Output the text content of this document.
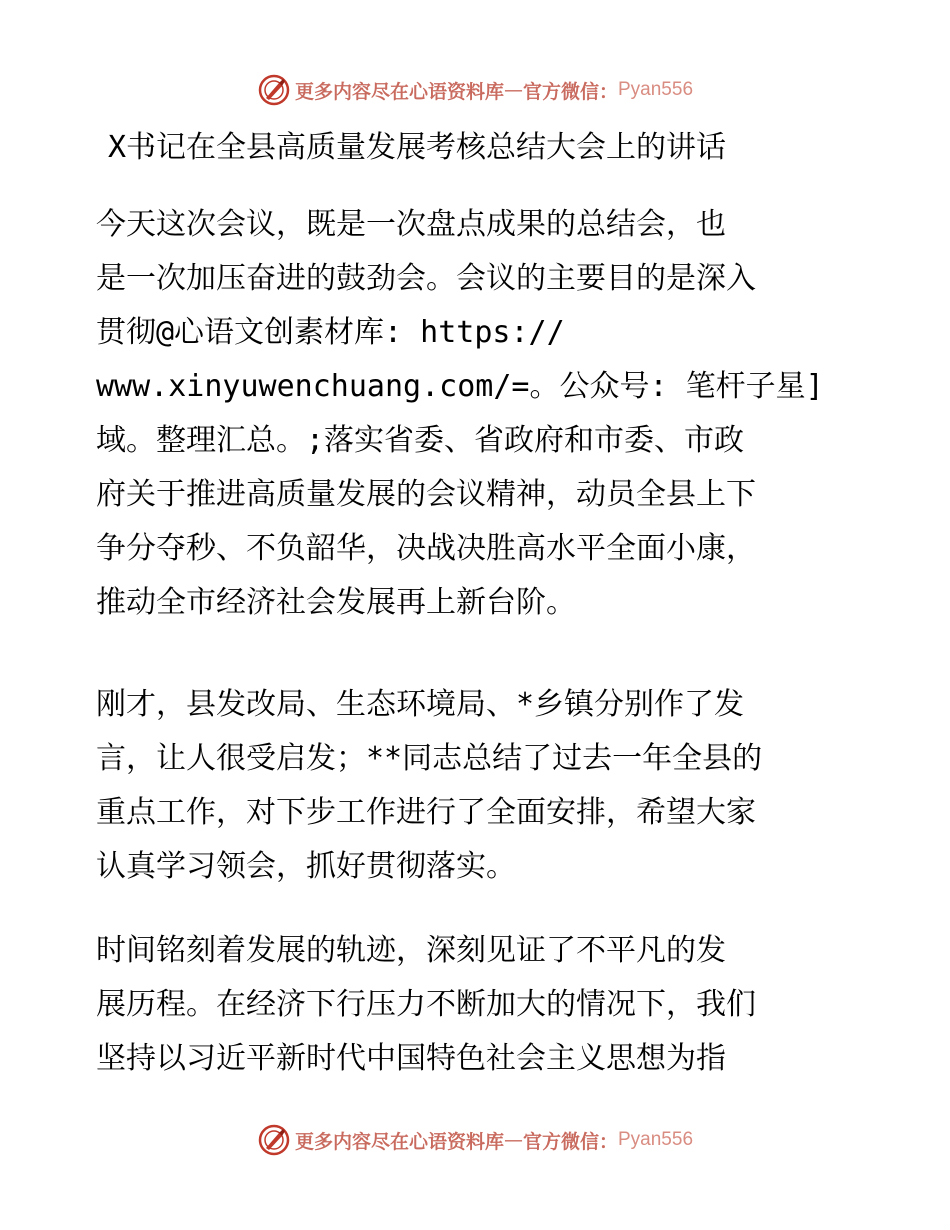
更多内容尽在心语资料库 — 官方微信： Pyan556
X书记在全县高质量发展考核总结大会上的讲话
今天这次会议，既是一次盘点成果的总结会，也
是一次加压奋进的鼓劲会。会议的主要目的是深入
贯彻@心语文创素材库: https://
www.xinyuwenchuang.com/=。公众号: 笔杆子星]
域。整理汇总。;落实省委、省政府和市委、市政
府关于推进高质量发展的会议精神，动员全县上下
争分夺秒、不负韶华，决战决胜高水平全面小康，
推动全市经济社会发展再上新台阶。
刚才，县发改局、生态环境局、*乡镇分别作了发
言，让人很受启发；**同志总结了过去一年全县的
重点工作，对下步工作进行了全面安排，希望大家
认真学习领会，抓好贯彻落实。
时间铭刻着发展的轨迹，深刻见证了不平凡的发
展历程。在经济下行压力不断加大的情况下，我们
坚持以习近平新时代中国特色社会主义思想为指
更多内容尽在心语资料库 — 官方微信： Pyan556
